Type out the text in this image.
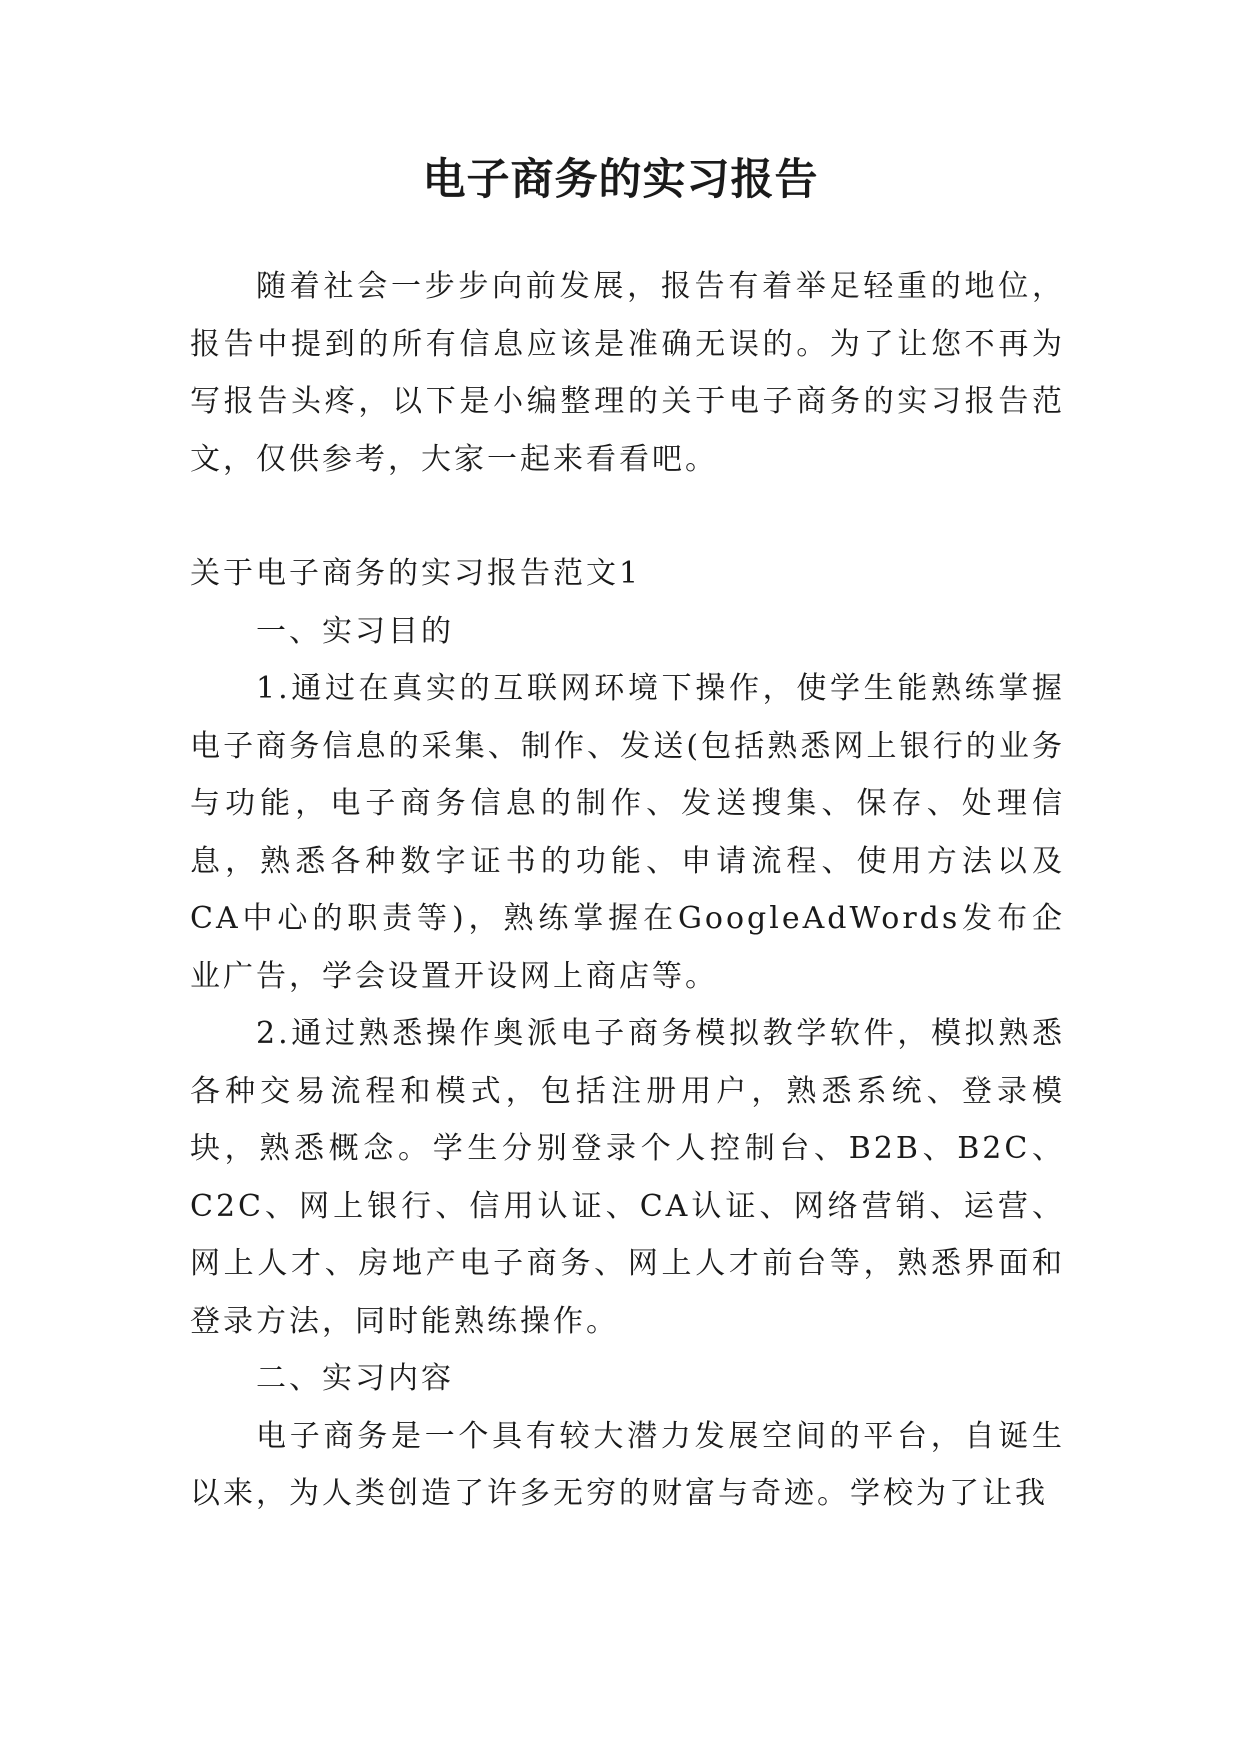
电子商务的实习报告

随着社会一步步向前发展，报告有着举足轻重的地位，报告中提到的所有信息应该是准确无误的。为了让您不再为写报告头疼，以下是小编整理的关于电子商务的实习报告范文，仅供参考，大家一起来看看吧。

关于电子商务的实习报告范文1

一、实习目的

1.通过在真实的互联网环境下操作，使学生能熟练掌握电子商务信息的采集、制作、发送(包括熟悉网上银行的业务与功能，电子商务信息的制作、发送搜集、保存、处理信息，熟悉各种数字证书的功能、申请流程、使用方法以及CA中心的职责等)，熟练掌握在GoogleAdWords发布企业广告，学会设置开设网上商店等。

2.通过熟悉操作奥派电子商务模拟教学软件，模拟熟悉各种交易流程和模式，包括注册用户，熟悉系统、登录模块，熟悉概念。学生分别登录个人控制台、B2B、B2C、C2C、网上银行、信用认证、CA认证、网络营销、运营、网上人才、房地产电子商务、网上人才前台等，熟悉界面和登录方法，同时能熟练操作。

二、实习内容

电子商务是一个具有较大潜力发展空间的平台，自诞生以来，为人类创造了许多无穷的财富与奇迹。学校为了让我
